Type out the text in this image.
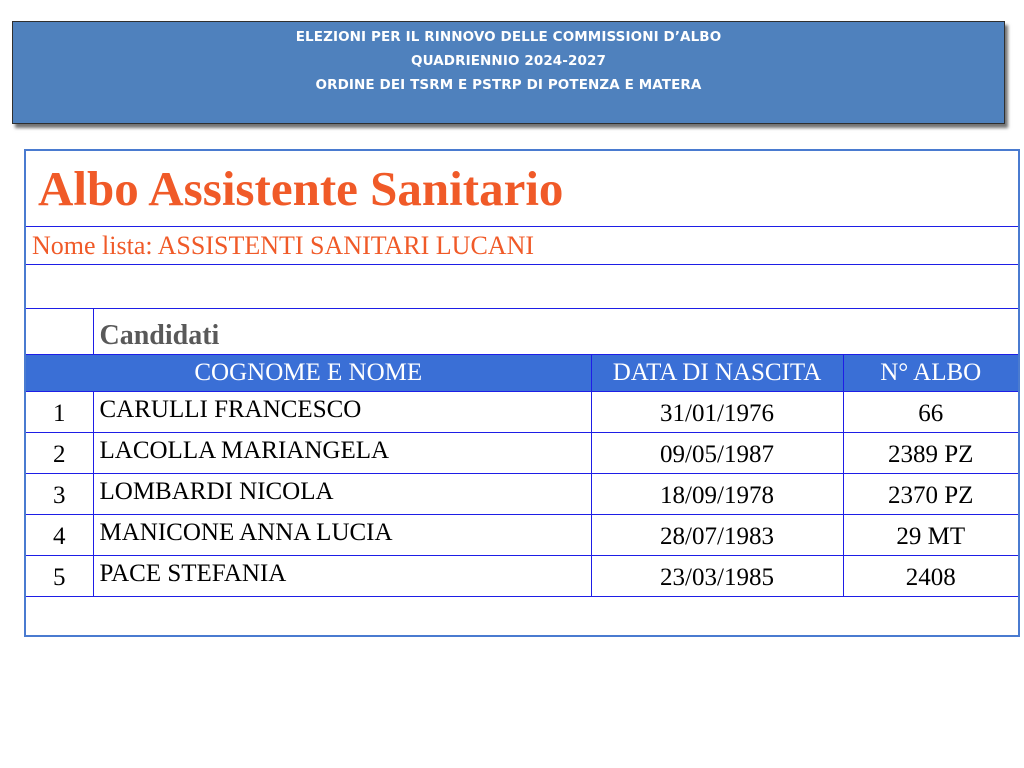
ELEZIONI PER IL RINNOVO DELLE COMMISSIONI D’ALBO
QUADRIENNIO 2024-2027
ORDINE DEI TSRM E PSTRP DI POTENZA E MATERA
Albo Assistente Sanitario			
Nome lista: ASSISTENTI SANITARI LUCANI			

	Candidati		
COGNOME E NOME		DATA DI NASCITA	N° ALBO
1	CARULLI FRANCESCO	31/01/1976	66
2	LACOLLA MARIANGELA	09/05/1987	2389 PZ
3	LOMBARDI NICOLA	18/09/1978	2370 PZ
4	MANICONE ANNA LUCIA	28/07/1983	29 MT
5	PACE STEFANIA	23/03/1985	2408
